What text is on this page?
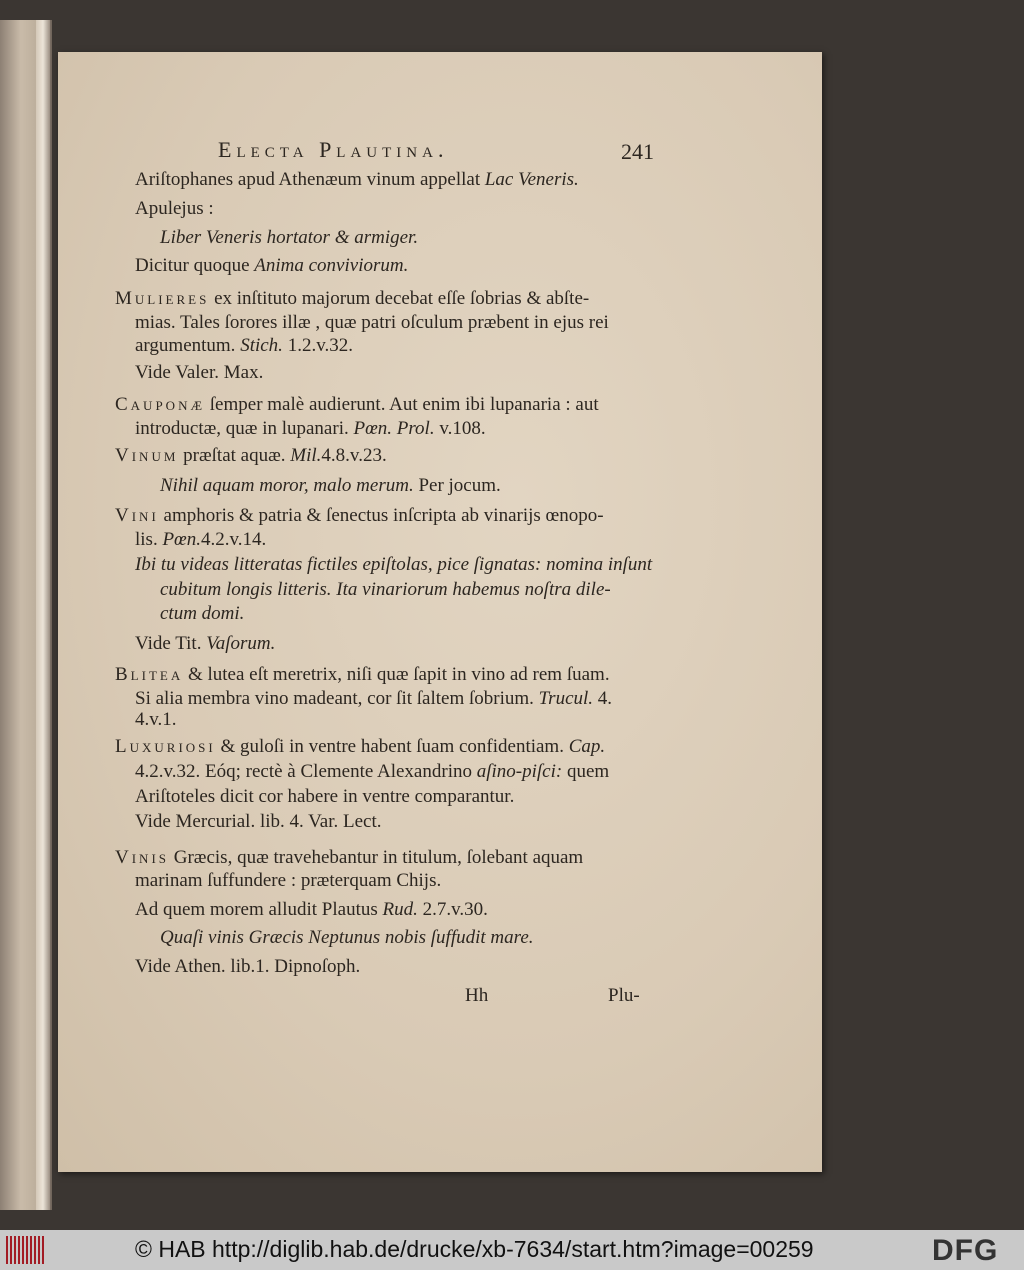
Electa Plautina.	241
Ariſtophanes apud Athenæum vinum appellat Lac Veneris.
Apulejus :
Liber Veneris hortator & armiger.
Dicitur quoque Anima conviviorum.
Mulieres ex inſtituto majorum decebat eſſe ſobrias & abſte-
mias. Tales ſorores illæ , quæ patri oſculum præbent in ejus rei
argumentum. Stich. 1.2.v.32.
Vide Valer. Max.
Cauponæ ſemper malè audierunt. Aut enim ibi lupanaria : aut
introductæ, quæ in lupanari. Pœn. Prol. v.108.
Vinum præſtat aquæ. Mil.4.8.v.23.
Nihil aquam moror, malo merum. Per jocum.
Vini amphoris & patria & ſenectus inſcripta ab vinarijs œnopo-
lis. Pœn.4.2.v.14.
Ibi tu videas litteratas fictiles epiſtolas, pice ſignatas: nomina inſunt
cubitum longis litteris. Ita vinariorum habemus noſtra dile-
ctum domi.
Vide Tit. Vaſorum.
Blitea & lutea eſt meretrix, niſi quæ ſapit in vino ad rem ſuam.
Si alia membra vino madeant, cor ſit ſaltem ſobrium. Trucul. 4.
4.v.1.
Luxuriosi & guloſi in ventre habent ſuam confidentiam. Cap.
4.2.v.32. Eóq; rectè à Clemente Alexandrino aſino-piſci: quem
Ariſtoteles dicit cor habere in ventre comparantur.
Vide Mercurial. lib. 4. Var. Lect.
Vinis Græcis, quæ travehebantur in titulum, ſolebant aquam
marinam ſuffundere : præterquam Chijs.
Ad quem morem alludit Plautus Rud. 2.7.v.30.
Quaſi vinis Græcis Neptunus nobis ſuffudit mare.
Vide Athen. lib.1. Dipnoſoph.
Hh	Plu-
© HAB http://diglib.hab.de/drucke/xb-7634/start.htm?image=00259	DFG
